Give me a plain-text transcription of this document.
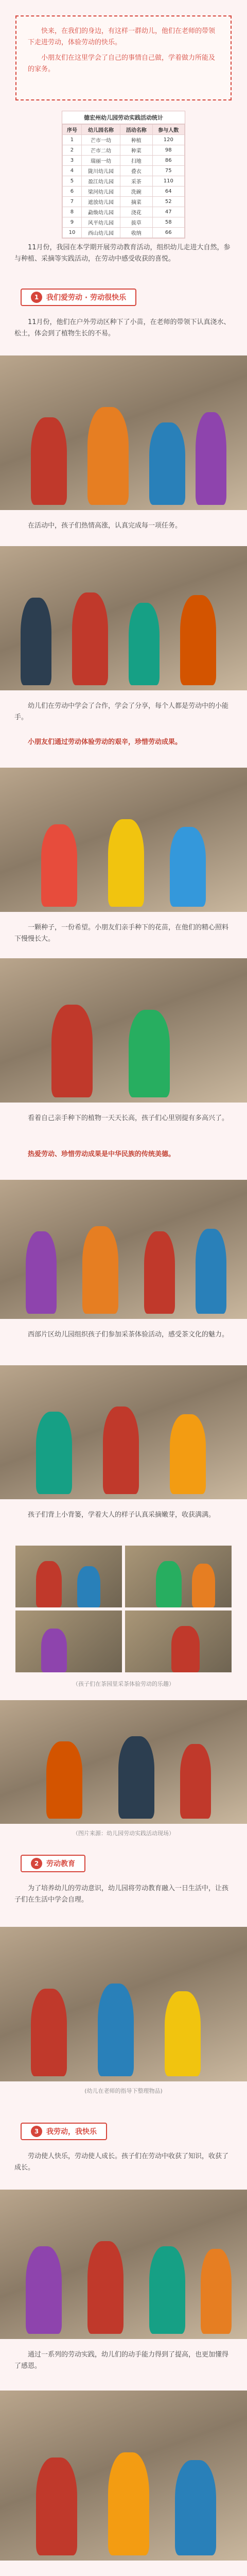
快来，在我们的身边，有这样一群幼儿，他们在老师的带领下走进劳动，体验劳动的快乐。

小朋友们在这里学会了自己的事情自己做，学着做力所能及的家务。

德宏州幼儿园劳动实践活动统计
序号	幼儿园名称	活动名称	参与人数
1	芒市一幼	种植	120
2	芒市二幼	种菜	98
3	瑞丽一幼	扫地	86
4	陇川幼儿园	叠衣	75
5	盈江幼儿园	采茶	110
6	梁河幼儿园	洗碗	64
7	遮放幼儿园	摘菜	52
8	勐焕幼儿园	浇花	47
9	风平幼儿园	拔草	58
10	西山幼儿园	收纳	66

11月份，我园在本学期开展劳动教育活动，组织幼儿走进大自然，参与种植、采摘等实践活动，在劳动中感受收获的喜悦。

1	我们爱劳动 · 劳动很快乐

11月份，他们在户外劳动区种下了小苗，在老师的带领下认真浇水、松土，体会到了植物生长的不易。

在活动中，孩子们热情高涨，认真完成每一项任务。

幼儿们在劳动中学会了合作，学会了分享，每个人都是劳动中的小能手。

小朋友们通过劳动体验劳动的艰辛，珍惜劳动成果。

一颗种子，一份希望。小朋友们亲手种下的花苗，在他们的精心照料下慢慢长大。

看着自己亲手种下的植物一天天长高，孩子们心里别提有多高兴了。

热爱劳动、珍惜劳动成果是中华民族的传统美德。

西部片区幼儿园组织孩子们参加采茶体验活动，感受茶文化的魅力。

孩子们背上小背篓，学着大人的样子认真采摘嫩芽，收获满满。

（孩子们在茶园里采茶体验劳动的乐趣）
（图片来源：幼儿园劳动实践活动现场）
2	劳动教育

为了培养幼儿的劳动意识，幼儿园将劳动教育融入一日生活中，让孩子们在生活中学会自理。

(幼儿在老师的指导下整理物品)
3	我劳动，我快乐

劳动使人快乐，劳动使人成长。孩子们在劳动中收获了知识，收获了成长。

通过一系列的劳动实践，幼儿们的动手能力得到了提高，也更加懂得了感恩。
